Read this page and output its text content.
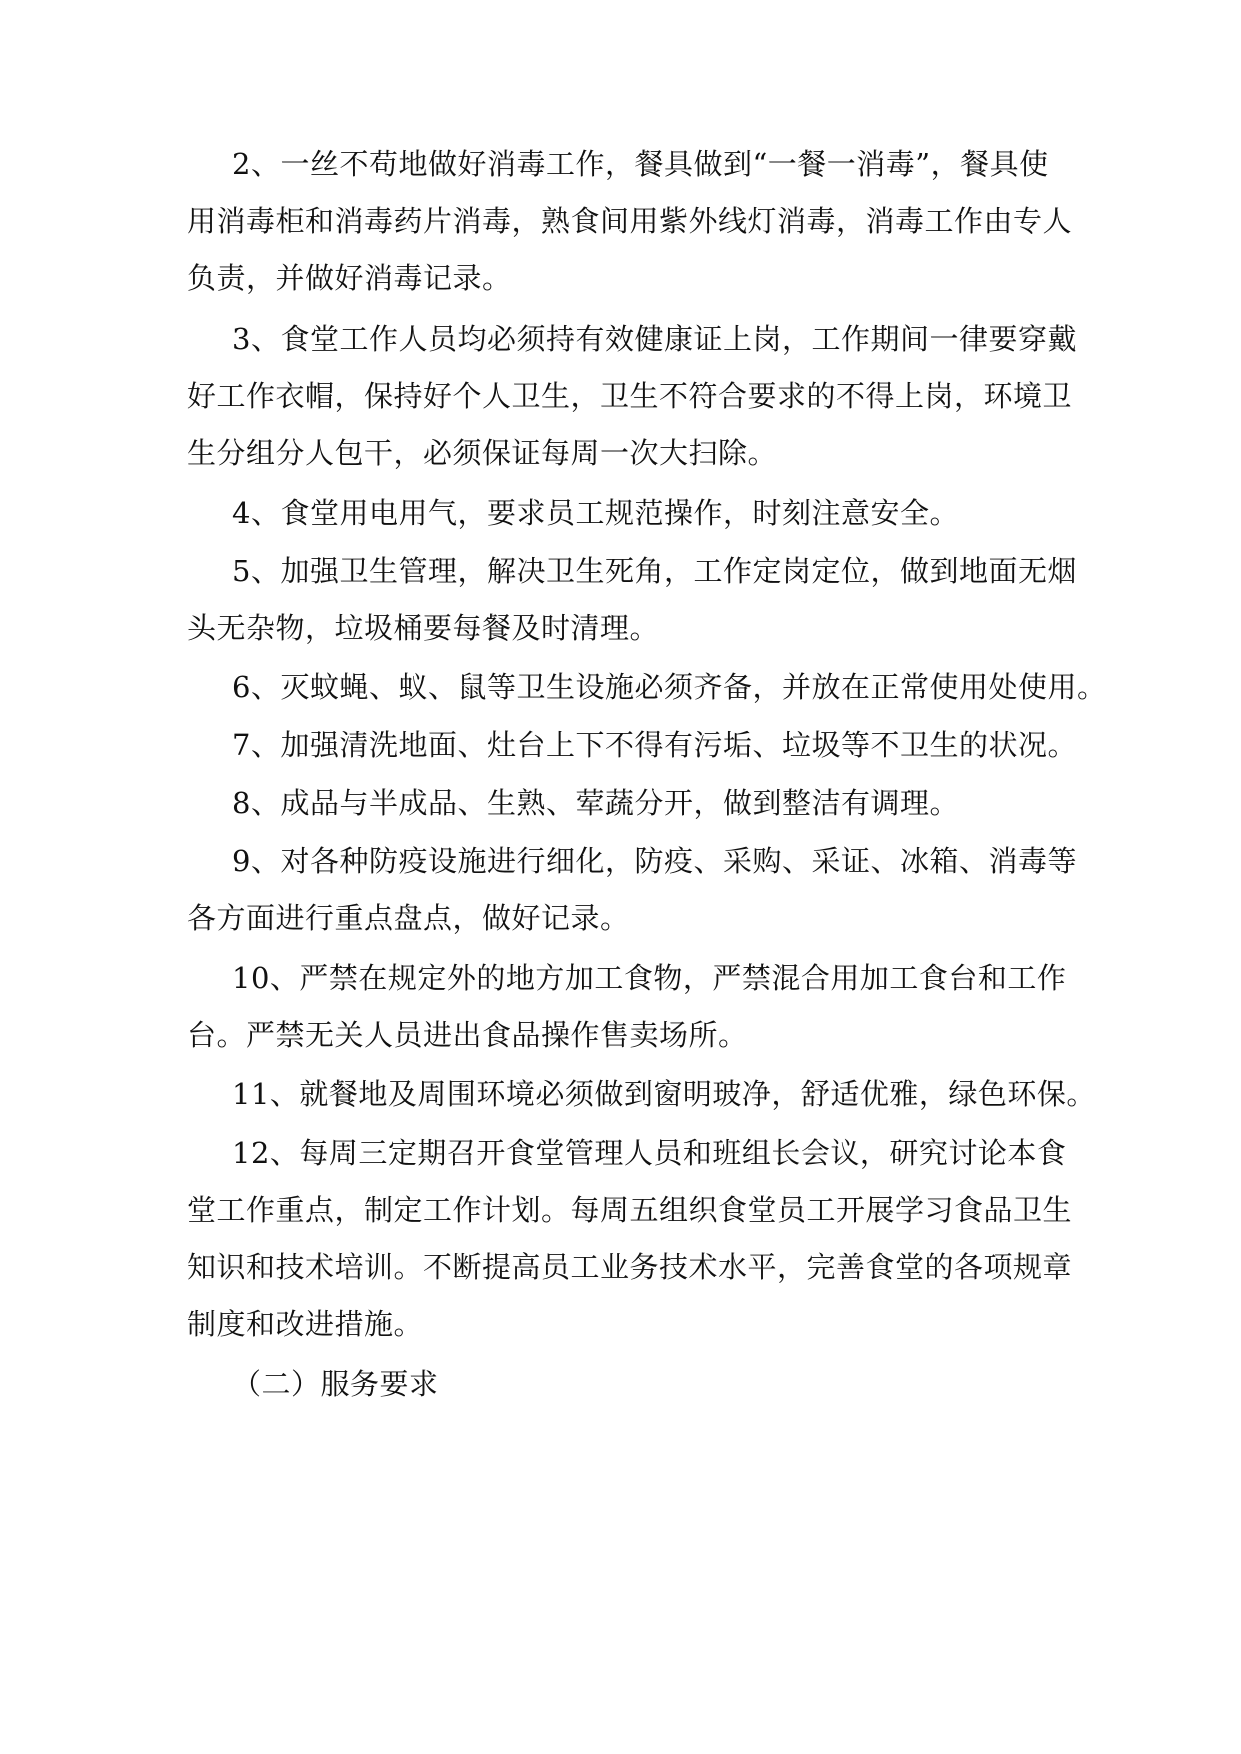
2、一丝不苟地做好消毒工作，餐具做到“一餐一消毒”，餐具使
用消毒柜和消毒药片消毒，熟食间用紫外线灯消毒，消毒工作由专人
负责，并做好消毒记录。
3、食堂工作人员均必须持有效健康证上岗，工作期间一律要穿戴
好工作衣帽，保持好个人卫生，卫生不符合要求的不得上岗，环境卫
生分组分人包干，必须保证每周一次大扫除。
4、食堂用电用气，要求员工规范操作，时刻注意安全。
5、加强卫生管理，解决卫生死角，工作定岗定位，做到地面无烟
头无杂物，垃圾桶要每餐及时清理。
6、灭蚊蝇、蚁、鼠等卫生设施必须齐备，并放在正常使用处使用。
7、加强清洗地面、灶台上下不得有污垢、垃圾等不卫生的状况。
8、成品与半成品、生熟、荤蔬分开，做到整洁有调理。
9、对各种防疫设施进行细化，防疫、采购、采证、冰箱、消毒等
各方面进行重点盘点，做好记录。
10、严禁在规定外的地方加工食物，严禁混合用加工食台和工作
台。严禁无关人员进出食品操作售卖场所。
11、就餐地及周围环境必须做到窗明玻净，舒适优雅，绿色环保。
12、每周三定期召开食堂管理人员和班组长会议，研究讨论本食
堂工作重点，制定工作计划。每周五组织食堂员工开展学习食品卫生
知识和技术培训。不断提高员工业务技术水平，完善食堂的各项规章
制度和改进措施。
（二）服务要求
